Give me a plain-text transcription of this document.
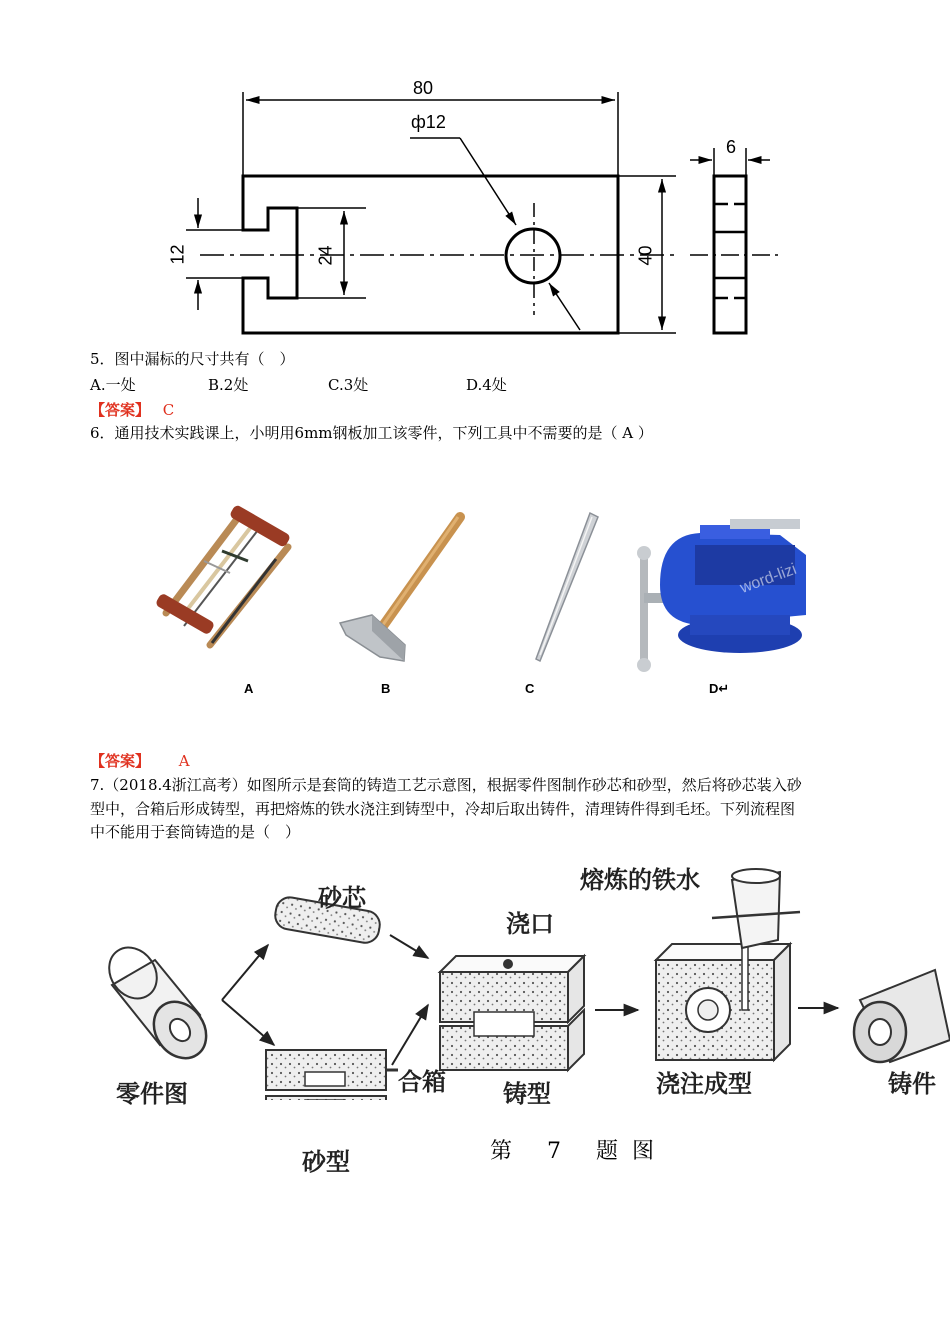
80
ф12
6
12	24	40
5．图中漏标的尺寸共有（　）
A.一处	B.2处	C.3处	D.4处
【答案】 C
6．通用技术实践课上，小明用6mm钢板加工该零件，下列工具中不需要的是（ A ）
word-lizi
A	B	C	D↵
【答案】 A
7.（2018.4浙江高考）如图所示是套筒的铸造工艺示意图，根据零件图制作砂芯和砂型，然后将砂芯装入砂
型中，合箱后形成铸型，再把熔炼的铁水浇注到铸型中，冷却后取出铸件，清理铸件得到毛坯。下列流程图
中不能用于套筒铸造的是（　）
零件图
砂芯
砂型
合箱
浇口
铸型
熔炼的铁水
浇注成型	铸件
第 7 题图
